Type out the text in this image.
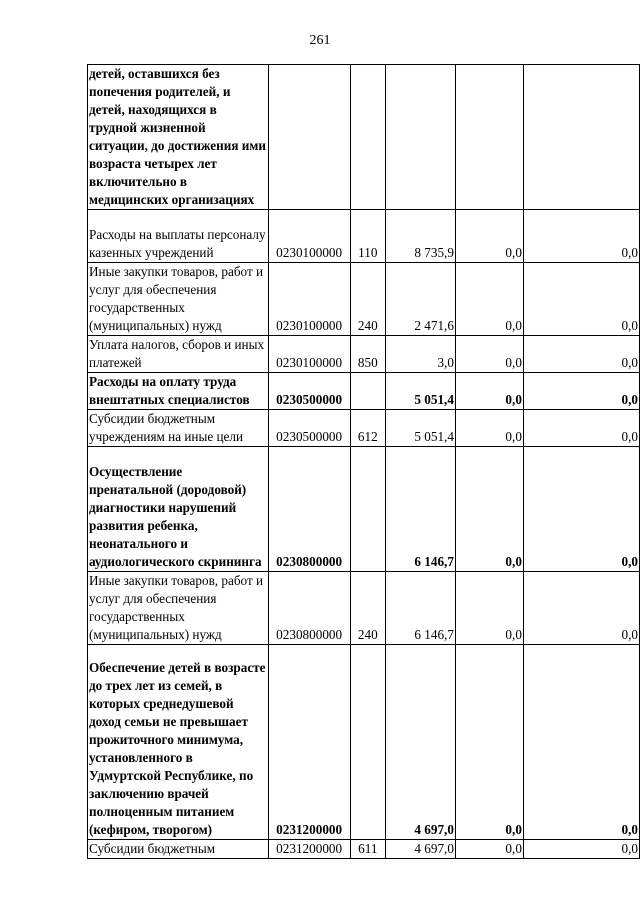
261
детей, оставшихся без попечения родителей, и детей, находящихся в трудной жизненной ситуации, до достижения ими возраста четырех лет включительно в медицинских организациях					

Расходы на выплаты персоналу казенных учреждений	0230100000	110	8 735,9	0,0	0,0
Иные закупки товаров, работ и услуг для обеспечения государственных (муниципальных) нужд	0230100000	240	2 471,6	0,0	0,0
Уплата налогов, сборов и иных платежей	0230100000	850	3,0	0,0	0,0
Расходы на оплату труда внештатных специалистов	0230500000		5 051,4	0,0	0,0
Субсидии бюджетным учреждениям на иные цели	0230500000	612	5 051,4	0,0	0,0
Осуществление пренатальной (дородовой) диагностики нарушений развития ребенка, неонатального и аудиологического скрининга	0230800000		6 146,7	0,0	0,0
Иные закупки товаров, работ и услуг для обеспечения государственных (муниципальных) нужд	0230800000	240	6 146,7	0,0	0,0
Обеспечение детей в возрасте до трех лет из семей, в которых среднедушевой доход семьи не превышает прожиточного минимума, установленного в Удмуртской Республике, по заключению врачей полноценным питанием (кефиром, творогом)	0231200000		4 697,0	0,0	0,0
Субсидии бюджетным	0231200000	611	4 697,0	0,0	0,0
